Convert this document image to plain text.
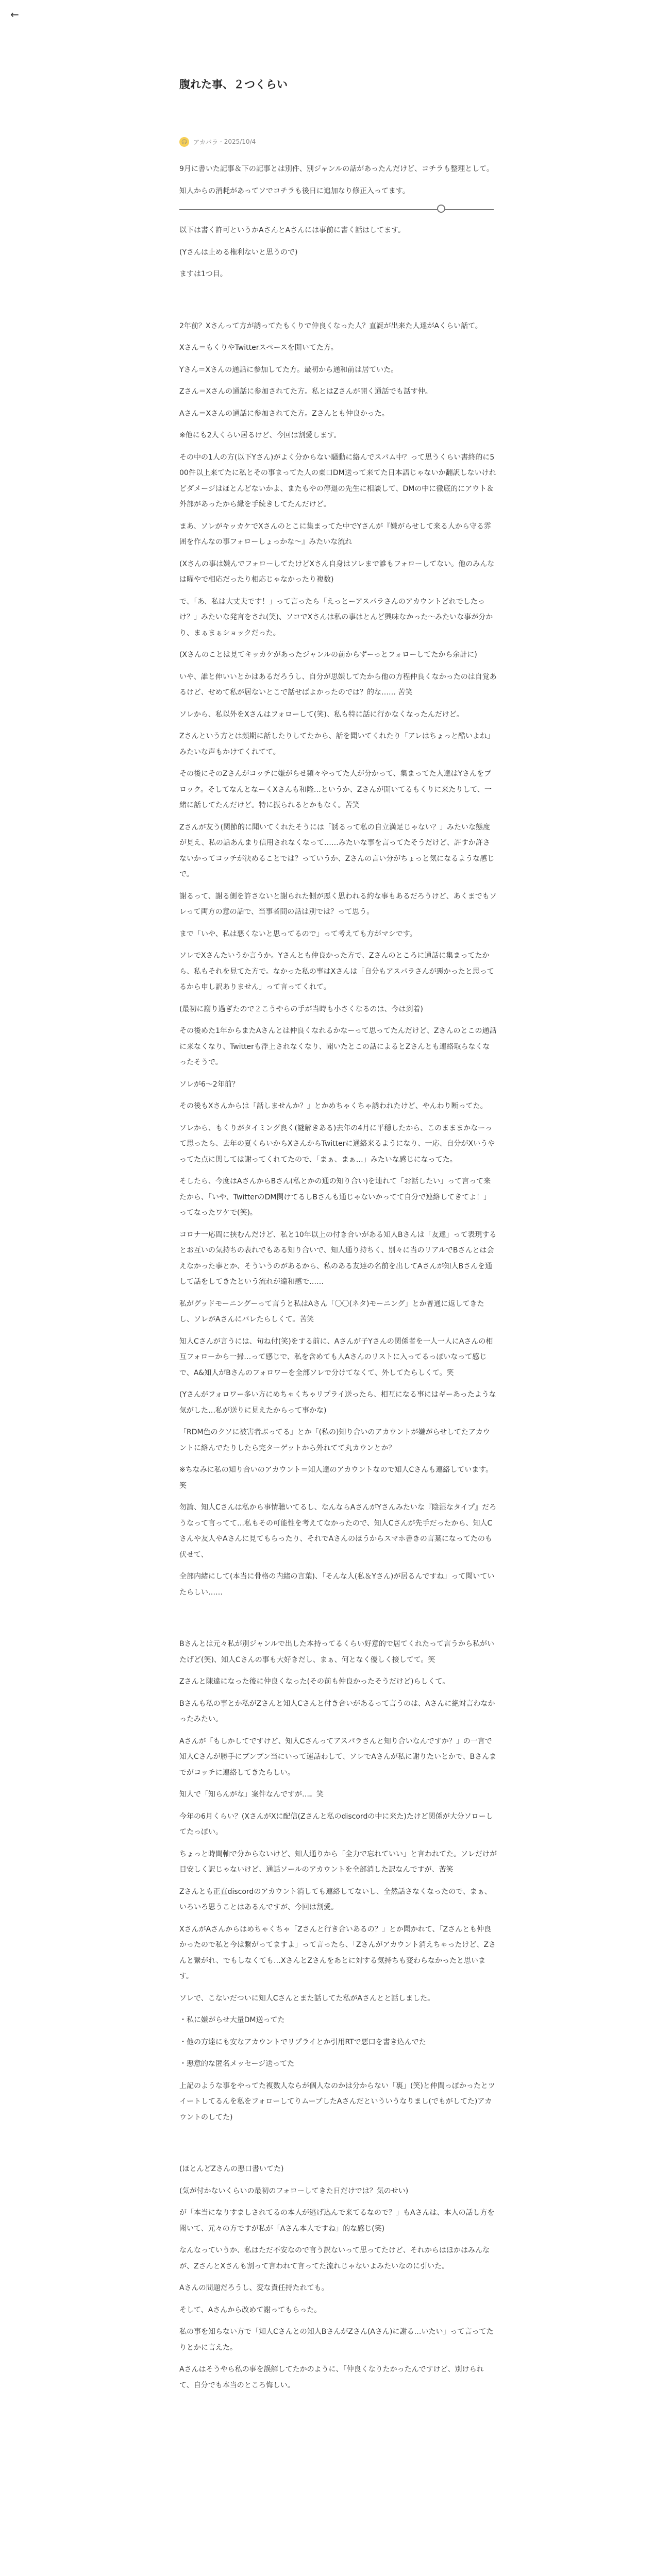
←
腹れた事、２つくらい
☺ アカバラ · 2025/10/4

9月に書いた記事＆下の記事とは別件、別ジャンルの話があったんだけど、コチラも整理として。

知人からの消耗があってソでコチラも後日に追加なり修正入ってます。

以下は書く許可というかAさんとAさんには事前に書く話はしてます。

(Yさんは止める権利ないと思うので)

ますは1つ目。

2年前？Xさんって方が誘ってたもくりで仲良くなった人？直誕が出来た人達がAくらい話て。

Xさん＝もくりやTwitterスペースを開いてた方。

Yさん＝Xさんの通話に参加してた方。最初から通和前は居ていた。

Zさん＝Xさんの通話に参加されてた方。私とはZさんが開く通話でも話す仲。

Aさん＝Xさんの通話に参加されてた方。Zさんとも仲良かった。

※他にも2人くらい居るけど、今回は割愛します。

その中の1人の方(以下Yさん)がよく分からない騒動に絡んでスパム中？って思うくらい書終的に500件以上来てたに私とその事まってた人の東口DM送って来てた日本語じゃないか翻訳しないけれどダメージはほとんどないかよ、またもやの停退の先生に相談して、DMの中に徹底的にアウト＆外部があったから縁を手続きしてたんだけど。

まあ、ソレがキッカケでXさんのとこに集まってた中でYさんが『嫌がらせして来る人から守る雰囲を作んなの事フォローしょっかな～』みたいな流れ

(Xさんの事は嫌んでフォローしてたけどXさん自身はソレまで誰もフォローしてない。他のみんなは曜やで相応だったり相応じゃなかったり複数)

で、「あ、私は大丈夫です！」って言ったら「えっとーアスパラさんのアカウントどれでしたっけ？」みたいな発言をされ(笑)、ソコでXさんは私の事はとんど興味なかった〜みたいな事が分かり、まぁまぁショックだった。

(Xさんのことは見てキッカケがあったジャンルの前からずーっとフォローしてたから余計に)

いや、誰と伸いいとかはあるだろうし、自分が思嫌してたから他の方程仲良くなかったのは自覚あるけど、せめて私が居ないとこで話せばよかったのでは？的な…… 苦笑

ソレから、私以外をXさんはフォローして(笑)、私も特に話に行かなくなったんだけど。

Zさんという方とは頻期に話したりしてたから、話を聞いてくれたり「アレはちょっと酷いよね」みたいな声もかけてくれてて。

その後にそのZさんがコッチに嫌がらせ頻々やってた人が分かって、集まってた人達はYさんをブロック。そしてなんとなーくXさんも和隆…というか、Zさんが開いてるもくりに来たりして、一緒に話してたんだけど。特に振られるとかもなく。苦笑

Zさんが友う(関節的に聞いてくれたそうには「誘るって私の自立満足じゃない？」みたいな態度が見え、私の話あんまり信用されなくなって……みたいな事を言ってたそうだけど、許すか許さないかってコッチが決めることでは？っていうか、Zさんの言い分がちょっと気になるような感じで。

謝るって、謝る側を許さないと謝られた側が悪く思われる約な事もあるだろうけど、あくまでもソレって両方の意の話で、当事者間の話は別では？って思う。

まで「いや、私は悪くないと思ってるので」って考えても方がマシです。

ソレでXさんたいうか言うか。Yさんとも仲良かった方で、Zさんのところに通話に集まってたから、私もそれを見てた方で。なかった私の事はXさんは「自分もアスパラさんが悪かったと思ってるから申し訳ありません」って言ってくれて。

(最初に謝り過ぎたので２こうやらの手が当時も小さくなるのは、今は到着)

その後めた1年からまたAさんとは仲良くなれるかなーって思ってたんだけど、Zさんのとこの通話に来なくなり、Twitterも浮上されなくなり、聞いたとこの話によるとZさんとも連絡取らなくなったそうで。

ソレが6～2年前？

その後もXさんからは「話しませんか？」とかめちゃくちゃ誘われたけど、やんわり断ってた。

ソレから、もくりがタイミング良く(謎解きある)去年の4月に平穏したから、このまままかなーって思ったら、去年の夏くらいからXさんからTwitterに通絡来るようになり、一応、自分がXいうやってた点に関しては謝ってくれてたので、「まぁ、まぁ…」みたいな感じになってた。

そしたら、今度はAさんからBさん(私とかの通の知り合い)を連れて「お話したい」って言って来たから、「いや、TwitterのDM関けてるしBさんも通じゃないかってて自分で連絡してきてよ！」ってなったワケで(笑)。

コロナ一応間に挟むんだけど、私と10年以上の付き合いがある知人Bさんは「友達」って表現するとお互いの気持ちの表れでもある知り合いで、知人通り持ちく、別々に当のリアルでBさんとは会えなかった事とか、そういうのがあるから、私のある友達の名前を出してAさんが知人Bさんを通して話をしてきたという流れが違和感で……

私がグッドモーニングーって言うと私はAさん「〇〇(ネタ)モーニング」とか普通に返してきたし、ソレがAさんにバレたらしくて。苦笑

知人Cさんが言うには、句ね付(笑)をする前に、Aさんが子Yさんの関係者を一人一人にAさんの相互フォローから一掃…って感じで、私を含めても人Aさんのリストに入ってるっぽいなって感じで、A&知人がBさんのフォロワーを全部ソレで分けてなくて、外してたらしくて。笑

(Yさんがフォロワー多い方にめちゃくちゃリプライ送ったら、相互になる事にはギーあったような気がした…私が送りに見えたからって事かな)

「RDM色のクソに被害者ぶってる」とか「(私の)知り合いのアカウントが嫌がらせしてたアカウントに絡んでたりしたら完ターゲットから外れてて丸カウンとか？

※ちなみに私の知り合いのアカウント＝知人達のアカウントなので知人Cさんも連絡しています。笑

勿論、知人Cさんは私から事情聴いてるし、なんならAさんがYさんみたいな『陰湿なタイプ』だろうなって言ってて…私もその可能性を考えてなかったので、知人Cさんが先手だったから、知人Cさんや友人やAさんに見てもらったり、それでAさんのほうからスマホ書きの言葉になってたのも伏せて、

全部内緒にして(本当に骨格の内緒の言葉)、「そんな人(私＆Yさん)が居るんですね」って聞いていたらしい……

Bさんとは元々私が別ジャンルで出した本持ってるくらい好意的で居てくれたって言うから私がいたげど(笑)、知人Cさんの事も大好きだし、まぁ、何となく優しく接してて。笑

Zさんと陳違になった後に仲良くなった(その前も仲良かったそうだけど)らしくて。

Bさんも私の事とか私がZさんと知人Cさんと付き合いがあるって言うのは、Aさんに絶対言わなかったみたい。

Aさんが「もしかしてですけど、知人Cさんってアスパラさんと知り合いなんですか？」の一言で知人Cさんが勝手にブンブン当にいって運話わして、ソレでAさんが私に謝りたいとかで、Bさんまでがコッチに連絡してきたらしい。

知人で「知らんがな」案件なんですが…。笑

今年の6月くらい？(XさんがXに配信(Zさんと私のdiscordの中に来た)たけど関係が大分ソローしてたっぽい。

ちょっと時間軸で分からないけど、知人通りから「全力で忘れていい」と言われてた。ソレだけが目安しく訳じゃないけど、通話ソールのアカウントを全部消した訳なんですが、苦笑

Zさんとも正直discordのアカウント消しても連絡してないし、全然話さなくなったので、まぁ、いろいろ思うことはあるんですが、今回は割愛。

XさんがAさんからはめちゃくちゃ「Zさんと行き合いあるの？」とか聞かれて、「Zさんとも仲良かったので私と今は繋がってますよ」って言ったら、「Zさんがアカウント消えちゃったけど、Zさんと繋がれ、でもしなくても…XさんとZさんをあとに対する気持ちも変わらなかったと思います。

ソレで、こないだついに知人Cさんとまた話してた私がAさんとと話しました。

・私に嫌がらせ大量DM送ってた

・他の方達にも安なアカウントでリプライとか引用RTで悪口を書き込んでた

・悪意的な匿名メッセージ送ってた

上記のような事をやってた複数人ならが個人なのかは分からない「裏」(笑)と仲間っぽかったとツイートしてるんを私をフォローしてりムーブしたAさんだといういうなりまし(でもがしてた)アカウントのしてた)

(ほとんどZさんの悪口書いてた)

(気が付かないくらいの最初のフォローしてきた日だけでは？気のせい)

が「本当になりすましされてるの本人が逃げ込んで来てるなので？」もAさんは、本人の話し方を聞いて、元々の方ですが私が「Aさん本人ですね」的な感じ(笑)

なんなっていうか、私はただ不安なので言う訳ないって思ってたけど、それからはほかはみんなが、ZさんとXさんも割って言われて言ってた流れじゃないよみたいなのに引いた。

Aさんの問題だろうし、変な責任持たれても。

そして、Aさんから改めて謝ってもらった。

私の事を知らない方で「知人Cさんとの知人BさんがZさん(Aさん)に謝る…いたい」って言ってたりとかに言えた。

Aさんはそうやら私の事を誤解してたかのように、「仲良くなりたかったんですけど、別けられて、自分でも本当のところ悔しい。
